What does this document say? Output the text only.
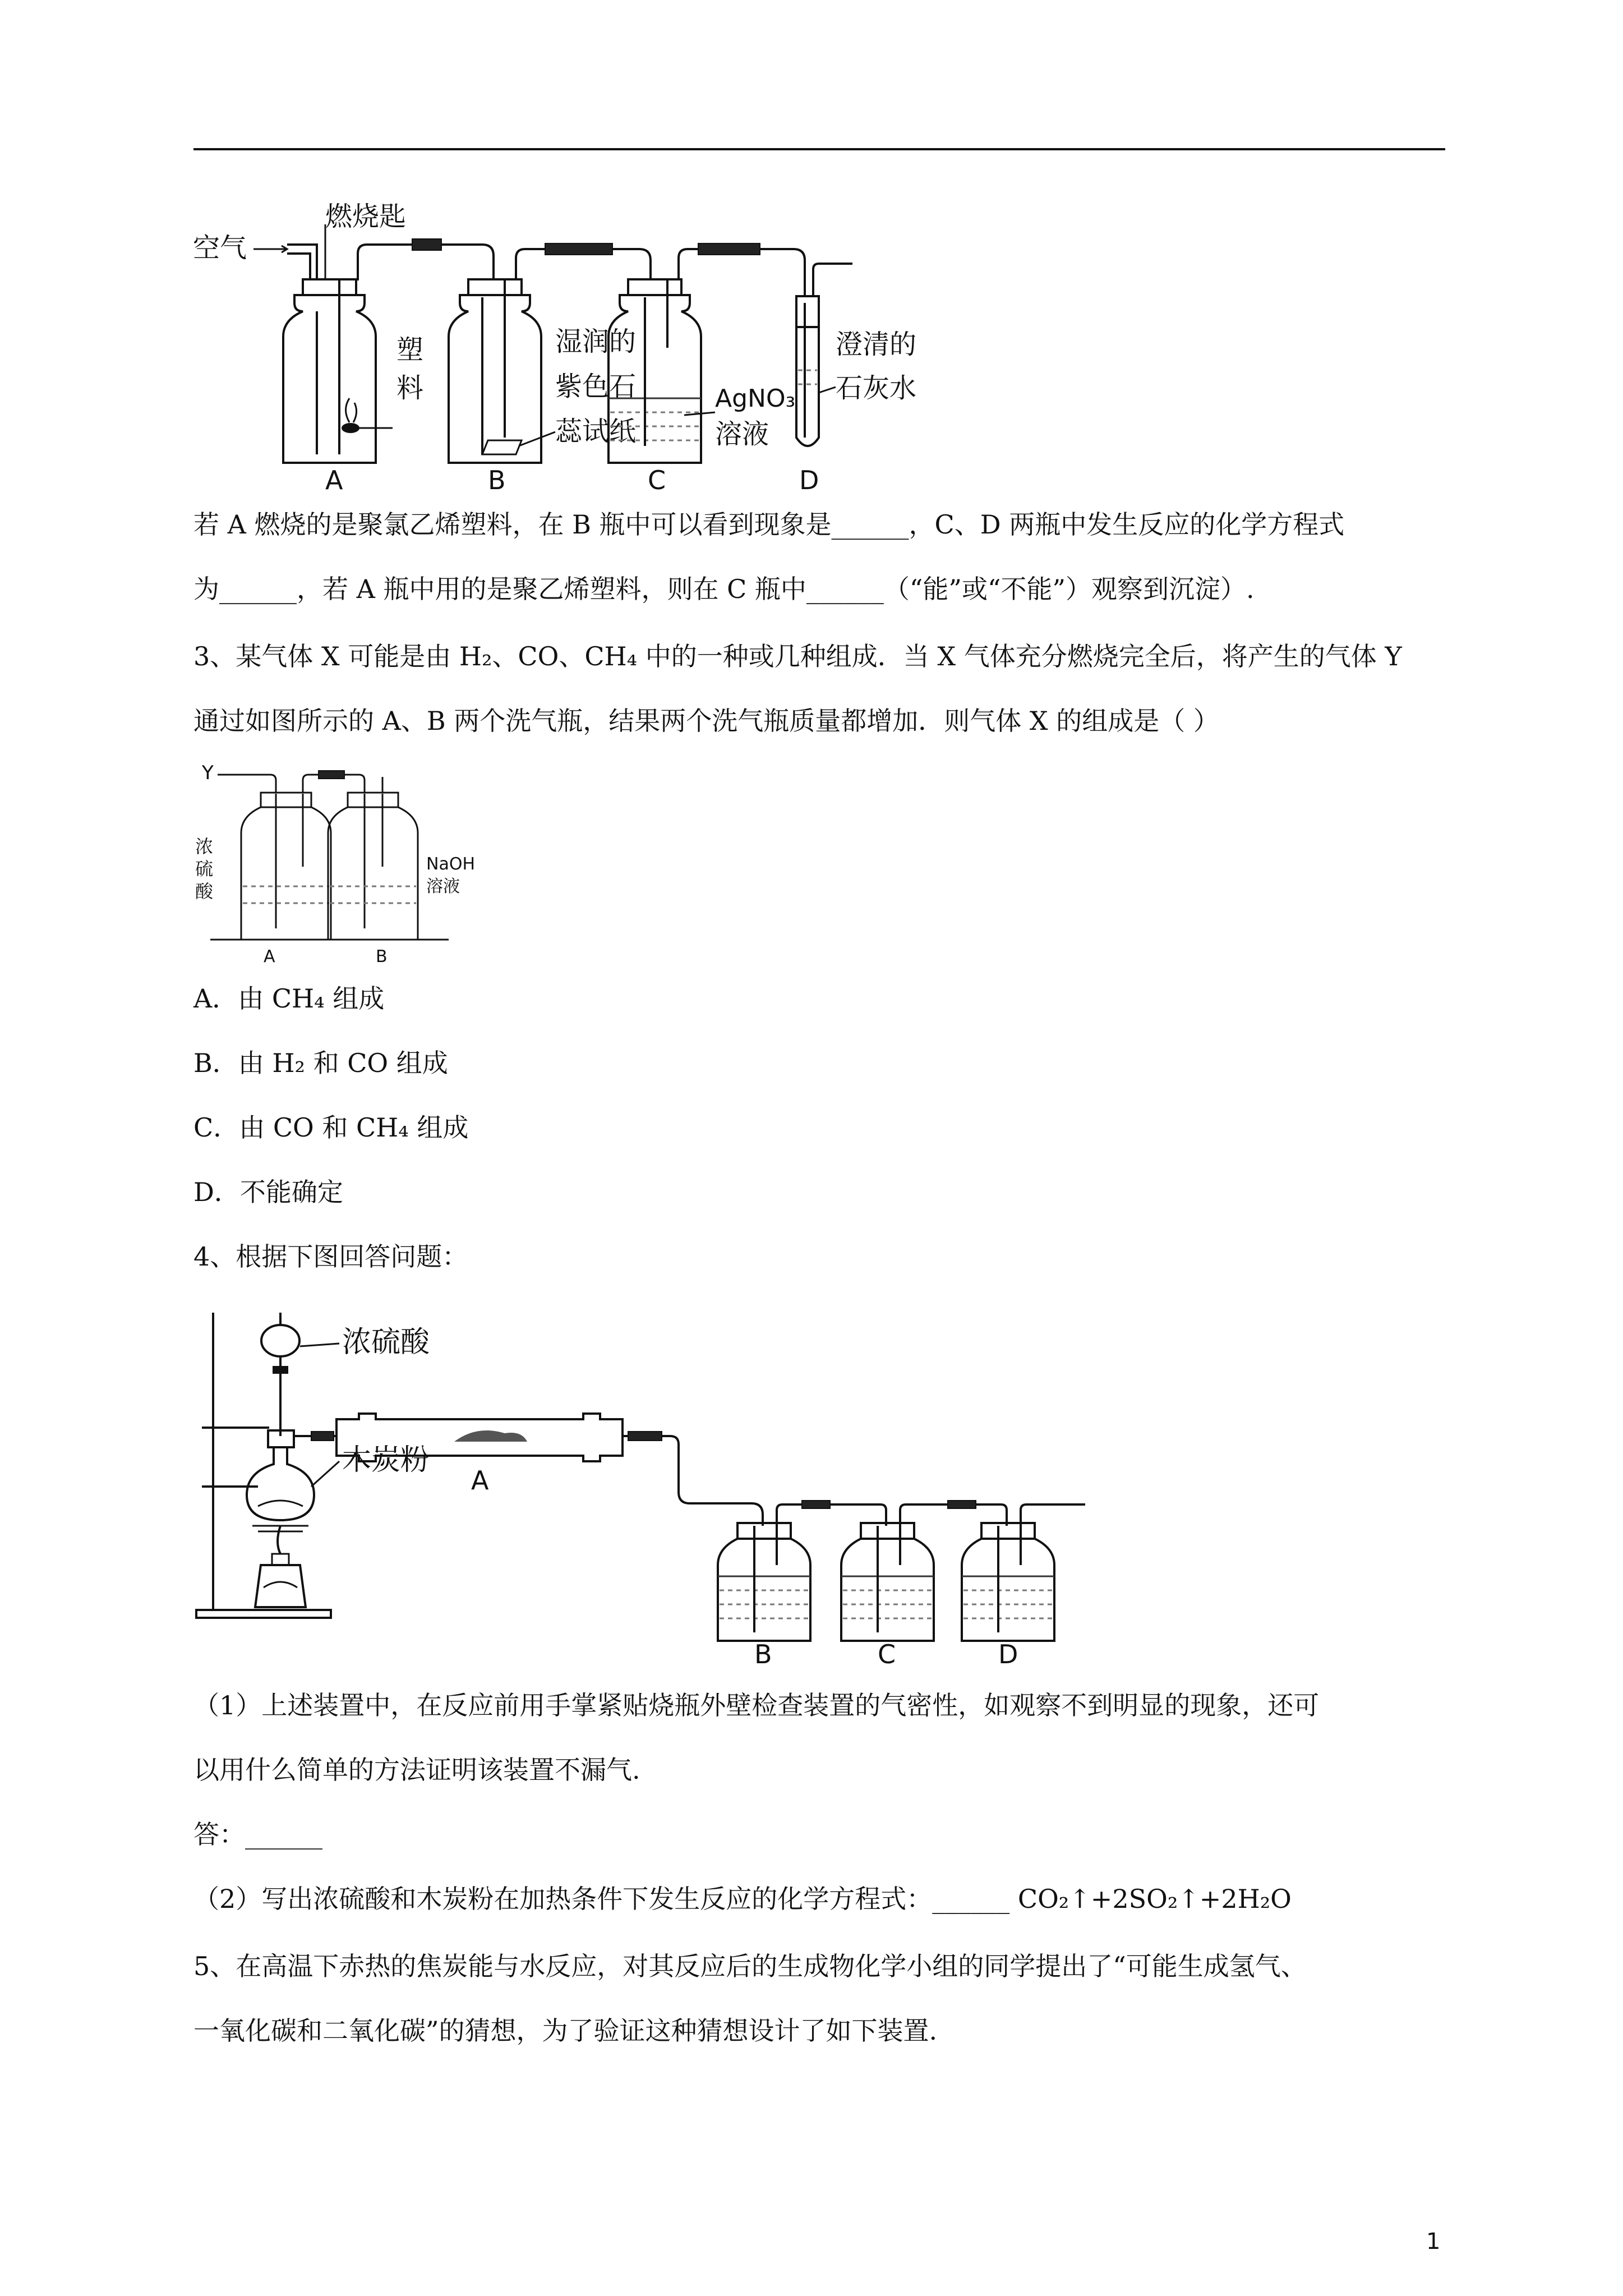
空气
燃烧匙
塑
料
湿润的
紫色石
蕊试纸
AgNO₃
溶液
澄清的
石灰水
A	B	C	D
若 A 燃烧的是聚氯乙烯塑料，在 B 瓶中可以看到现象是______，C、D 两瓶中发生反应的化学方程式
为______，若 A 瓶中用的是聚乙烯塑料，则在 C 瓶中______（“能”或“不能”）观察到沉淀）.
3、某气体 X 可能是由 H₂、CO、CH₄ 中的一种或几种组成．当 X 气体充分燃烧完全后，将产生的气体 Y
通过如图所示的 A、B 两个洗气瓶，结果两个洗气瓶质量都增加．则气体 X 的组成是（ ）
Y
浓
硫
酸
NaOH
溶液
A	B
A．由 CH₄ 组成
B．由 H₂ 和 CO 组成
C．由 CO 和 CH₄ 组成
D．不能确定
4、根据下图回答问题：
浓硫酸
木炭粉
A
B	C	D
（1）上述装置中，在反应前用手掌紧贴烧瓶外壁检查装置的气密性，如观察不到明显的现象，还可
以用什么简单的方法证明该装置不漏气.
答：______
（2）写出浓硫酸和木炭粉在加热条件下发生反应的化学方程式：______ CO₂↑+2SO₂↑+2H₂O
5、在高温下赤热的焦炭能与水反应，对其反应后的生成物化学小组的同学提出了“可能生成氢气、
一氧化碳和二氧化碳”的猜想，为了验证这种猜想设计了如下装置.
1
